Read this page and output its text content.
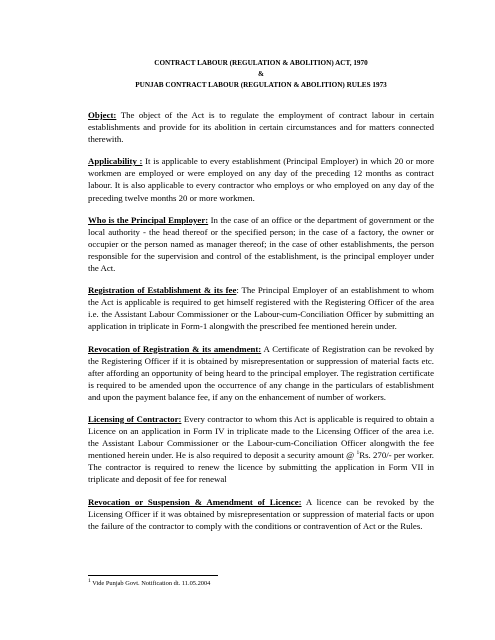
CONTRACT LABOUR (REGULATION & ABOLITION) ACT, 1970

&

PUNJAB CONTRACT LABOUR (REGULATION & ABOLITION) RULES 1973

Object: The object of the Act is to regulate the employment of contract labour in certain establishments and provide for its abolition in certain circumstances and for matters connected therewith.

Applicability : It is applicable to every establishment (Principal Employer) in which 20 or more workmen are employed or were employed on any day of the preceding 12 months as contract labour. It is also applicable to every contractor who employs or who employed on any day of the preceding twelve months 20 or more workmen.

Who is the Principal Employer: In the case of an office or the department of government or the local authority - the head thereof or the specified person; in the case of a factory, the owner or occupier or the person named as manager thereof; in the case of other establishments, the person responsible for the supervision and control of the establishment, is the principal employer under the Act.

Registration of Establishment & its fee: The Principal Employer of an establishment to whom the Act is applicable is required to get himself registered with the Registering Officer of the area i.e. the Assistant Labour Commissioner or the Labour-cum-Conciliation Officer by submitting an application in triplicate in Form-1 alongwith the prescribed fee mentioned herein under.

Revocation of Registration & its amendment: A Certificate of Registration can be revoked by the Registering Officer if it is obtained by misrepresentation or suppression of material facts etc. after affording an opportunity of being heard to the principal employer. The registration certificate is required to be amended upon the occurrence of any change in the particulars of establishment and upon the payment balance fee, if any on the enhancement of number of workers.

Licensing of Contractor: Every contractor to whom this Act is applicable is required to obtain a Licence on an application in Form IV in triplicate made to the Licensing Officer of the area i.e. the Assistant Labour Commissioner or the Labour-cum-Conciliation Officer alongwith the fee mentioned herein under. He is also required to deposit a security amount @ $^1$Rs. 270/- per worker. The contractor is required to renew the licence by submitting the application in Form VII in triplicate and deposit of fee for renewal

Revocation or Suspension & Amendment of Licence: A licence can be revoked by the Licensing Officer if it was obtained by misrepresentation or suppression of material facts or upon the failure of the contractor to comply with the conditions or contravention of Act or the Rules.

$^1$ Vide Punjab Govt. Notification dt. 11.05.2004
